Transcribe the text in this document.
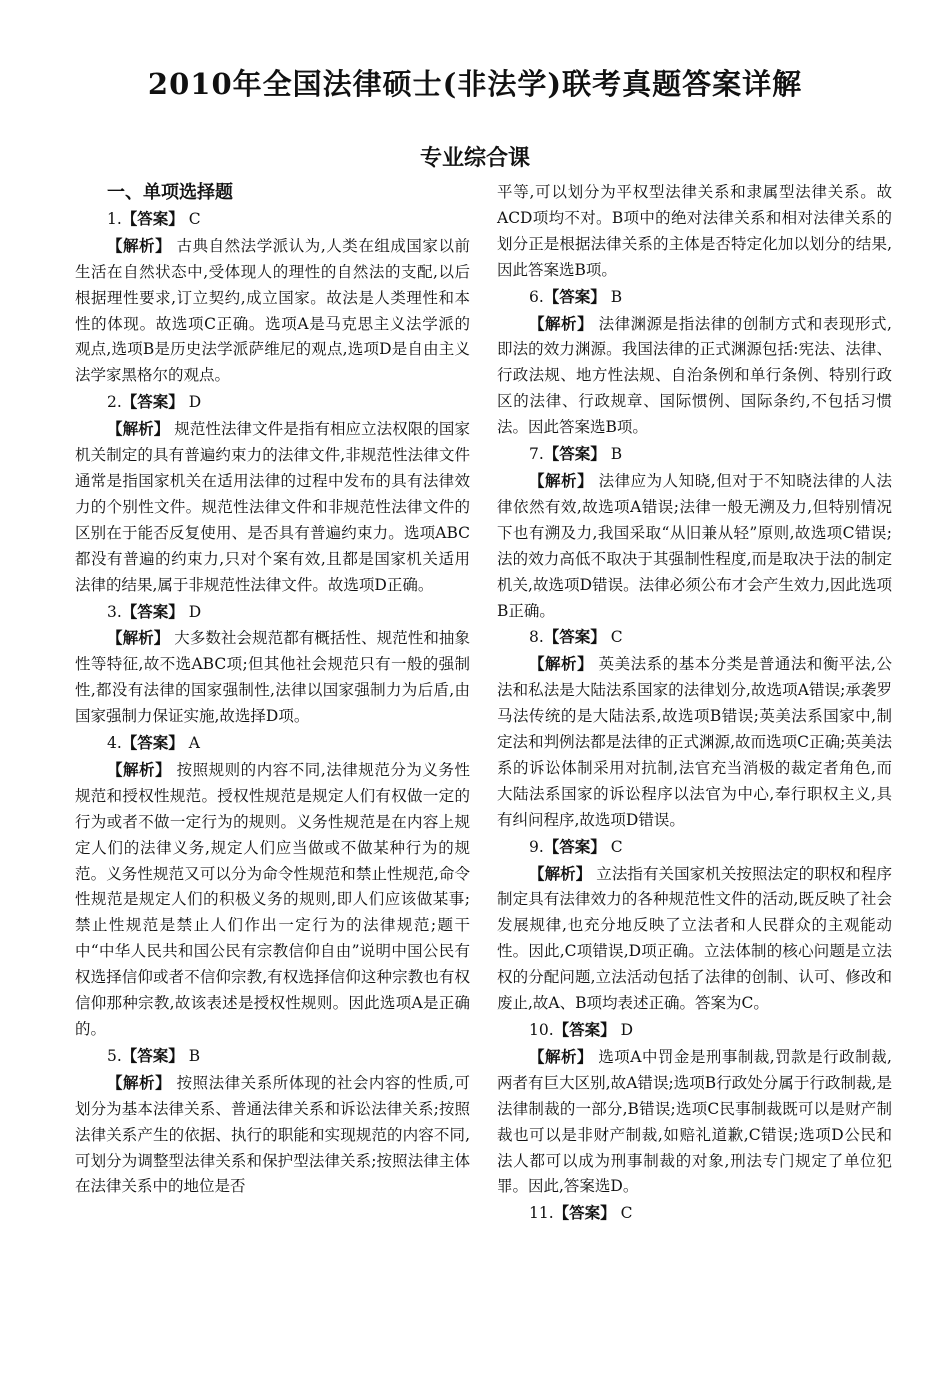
2010年全国法律硕士(非法学)联考真题答案详解
专业综合课

一、单项选择题

1.【答案】 C

【解析】 古典自然法学派认为,人类在组成国家以前生活在自然状态中,受体现人的理性的自然法的支配,以后根据理性要求,订立契约,成立国家。故法是人类理性和本性的体现。故选项C正确。选项A是马克思主义法学派的观点,选项B是历史法学派萨维尼的观点,选项D是自由主义法学家黑格尔的观点。

2.【答案】 D

【解析】 规范性法律文件是指有相应立法权限的国家机关制定的具有普遍约束力的法律文件,非规范性法律文件通常是指国家机关在适用法律的过程中发布的具有法律效力的个别性文件。规范性法律文件和非规范性法律文件的区别在于能否反复使用、是否具有普遍约束力。选项ABC都没有普遍的约束力,只对个案有效,且都是国家机关适用法律的结果,属于非规范性法律文件。故选项D正确。

3.【答案】 D

【解析】 大多数社会规范都有概括性、规范性和抽象性等特征,故不选ABC项;但其他社会规范只有一般的强制性,都没有法律的国家强制性,法律以国家强制力为后盾,由国家强制力保证实施,故选择D项。

4.【答案】 A

【解析】 按照规则的内容不同,法律规范分为义务性规范和授权性规范。授权性规范是规定人们有权做一定的行为或者不做一定行为的规则。义务性规范是在内容上规定人们的法律义务,规定人们应当做或不做某种行为的规范。义务性规范又可以分为命令性规范和禁止性规范,命令性规范是规定人们的积极义务的规则,即人们应该做某事;禁止性规范是禁止人们作出一定行为的法律规范;题干中“中华人民共和国公民有宗教信仰自由”说明中国公民有权选择信仰或者不信仰宗教,有权选择信仰这种宗教也有权信仰那种宗教,故该表述是授权性规则。因此选项A是正确的。

5.【答案】 B

【解析】 按照法律关系所体现的社会内容的性质,可划分为基本法律关系、普通法律关系和诉讼法律关系;按照法律关系产生的依据、执行的职能和实现规范的内容不同,可划分为调整型法律关系和保护型法律关系;按照法律主体在法律关系中的地位是否

平等,可以划分为平权型法律关系和隶属型法律关系。故ACD项均不对。B项中的绝对法律关系和相对法律关系的划分正是根据法律关系的主体是否特定化加以划分的结果,因此答案选B项。

6.【答案】 B

【解析】 法律渊源是指法律的创制方式和表现形式,即法的效力渊源。我国法律的正式渊源包括:宪法、法律、行政法规、地方性法规、自治条例和单行条例、特别行政区的法律、行政规章、国际惯例、国际条约,不包括习惯法。因此答案选B项。

7.【答案】 B

【解析】 法律应为人知晓,但对于不知晓法律的人法律依然有效,故选项A错误;法律一般无溯及力,但特别情况下也有溯及力,我国采取“从旧兼从轻”原则,故选项C错误;法的效力高低不取决于其强制性程度,而是取决于法的制定机关,故选项D错误。法律必须公布才会产生效力,因此选项B正确。

8.【答案】 C

【解析】 英美法系的基本分类是普通法和衡平法,公法和私法是大陆法系国家的法律划分,故选项A错误;承袭罗马法传统的是大陆法系,故选项B错误;英美法系国家中,制定法和判例法都是法律的正式渊源,故而选项C正确;英美法系的诉讼体制采用对抗制,法官充当消极的裁定者角色,而大陆法系国家的诉讼程序以法官为中心,奉行职权主义,具有纠问程序,故选项D错误。

9.【答案】 C

【解析】 立法指有关国家机关按照法定的职权和程序制定具有法律效力的各种规范性文件的活动,既反映了社会发展规律,也充分地反映了立法者和人民群众的主观能动性。因此,C项错误,D项正确。立法体制的核心问题是立法权的分配问题,立法活动包括了法律的创制、认可、修改和废止,故A、B项均表述正确。答案为C。

10.【答案】 D

【解析】 选项A中罚金是刑事制裁,罚款是行政制裁,两者有巨大区别,故A错误;选项B行政处分属于行政制裁,是法律制裁的一部分,B错误;选项C民事制裁既可以是财产制裁也可以是非财产制裁,如赔礼道歉,C错误;选项D公民和法人都可以成为刑事制裁的对象,刑法专门规定了单位犯罪。因此,答案选D。

11.【答案】 C
